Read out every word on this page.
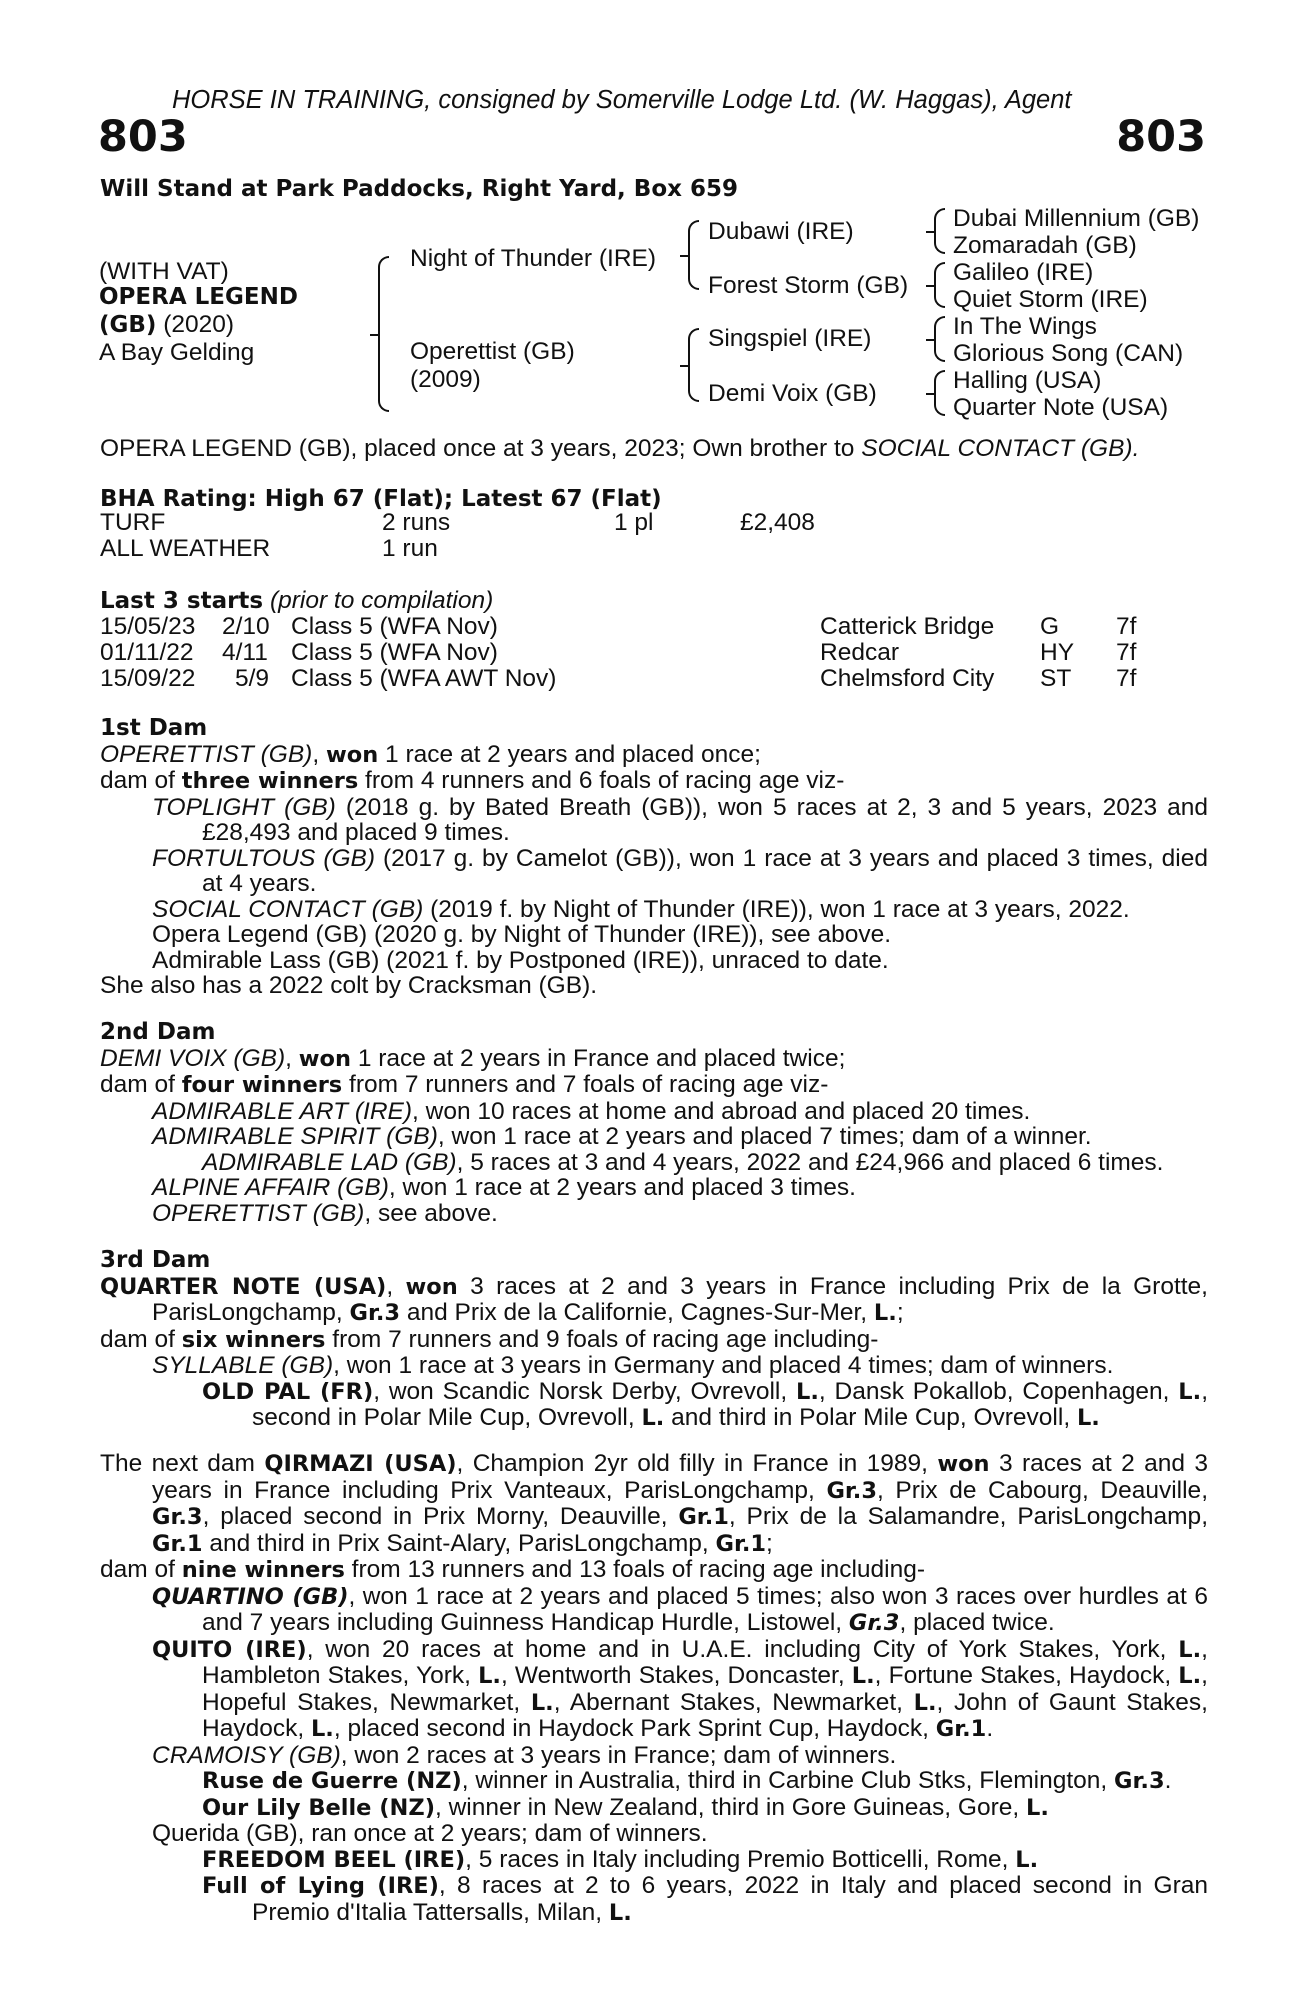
HORSE IN TRAINING, consigned by Somerville Lodge Ltd. (W. Haggas), Agent
803	803
Will Stand at Park Paddocks, Right Yard, Box 659
(WITH VAT)
OPERA LEGEND
(GB) (2020)
A Bay Gelding
Night of Thunder (IRE)
Operettist (GB)
(2009)
Dubawi (IRE)
Forest Storm (GB)
Singspiel (IRE)
Demi Voix (GB)
Dubai Millennium (GB)
Zomaradah (GB)
Galileo (IRE)
Quiet Storm (IRE)
In The Wings
Glorious Song (CAN)
Halling (USA)
Quarter Note (USA)
OPERA LEGEND (GB), placed once at 3 years, 2023; Own brother to SOCIAL CONTACT (GB).
BHA Rating: High 67 (Flat); Latest 67 (Flat)
TURF	2 runs	1 pl	£2,408
ALL WEATHER	1 run
Last 3 starts (prior to compilation)
15/05/23 2/10 Class 5 (WFA Nov)	Catterick Bridge G 7f
01/11/22 4/11 Class 5 (WFA Nov)	Redcar	HY 7f
15/09/22 5/9 Class 5 (WFA AWT Nov)	Chelmsford City ST 7f

1st Dam

OPERETTIST (GB), won 1 race at 2 years and placed once;

dam of three winners from 4 runners and 6 foals of racing age viz-

TOPLIGHT (GB) (2018 g. by Bated Breath (GB)), won 5 races at 2, 3 and 5 years, 2023 and £28,493 and placed 9 times.

FORTULTOUS (GB) (2017 g. by Camelot (GB)), won 1 race at 3 years and placed 3 times, died at 4 years.

SOCIAL CONTACT (GB) (2019 f. by Night of Thunder (IRE)), won 1 race at 3 years, 2022.

Opera Legend (GB) (2020 g. by Night of Thunder (IRE)), see above.

Admirable Lass (GB) (2021 f. by Postponed (IRE)), unraced to date.

She also has a 2022 colt by Cracksman (GB).

2nd Dam

DEMI VOIX (GB), won 1 race at 2 years in France and placed twice;

dam of four winners from 7 runners and 7 foals of racing age viz-

ADMIRABLE ART (IRE), won 10 races at home and abroad and placed 20 times.

ADMIRABLE SPIRIT (GB), won 1 race at 2 years and placed 7 times; dam of a winner.

ADMIRABLE LAD (GB), 5 races at 3 and 4 years, 2022 and £24,966 and placed 6 times.

ALPINE AFFAIR (GB), won 1 race at 2 years and placed 3 times.

OPERETTIST (GB), see above.

3rd Dam

QUARTER NOTE (USA), won 3 races at 2 and 3 years in France including Prix de la Grotte, ParisLongchamp, Gr.3 and Prix de la Californie, Cagnes-Sur-Mer, L.;

dam of six winners from 7 runners and 9 foals of racing age including-

SYLLABLE (GB), won 1 race at 3 years in Germany and placed 4 times; dam of winners.

OLD PAL (FR), won Scandic Norsk Derby, Ovrevoll, L., Dansk Pokallob, Copenhagen, L., second in Polar Mile Cup, Ovrevoll, L. and third in Polar Mile Cup, Ovrevoll, L.

The next dam QIRMAZI (USA), Champion 2yr old filly in France in 1989, won 3 races at 2 and 3 years in France including Prix Vanteaux, ParisLongchamp, Gr.3, Prix de Cabourg, Deauville, Gr.3, placed second in Prix Morny, Deauville, Gr.1, Prix de la Salamandre, ParisLongchamp, Gr.1 and third in Prix Saint-Alary, ParisLongchamp, Gr.1;

dam of nine winners from 13 runners and 13 foals of racing age including-

QUARTINO (GB), won 1 race at 2 years and placed 5 times; also won 3 races over hurdles at 6 and 7 years including Guinness Handicap Hurdle, Listowel, Gr.3, placed twice.

QUITO (IRE), won 20 races at home and in U.A.E. including City of York Stakes, York, L., Hambleton Stakes, York, L., Wentworth Stakes, Doncaster, L., Fortune Stakes, Haydock, L., Hopeful Stakes, Newmarket, L., Abernant Stakes, Newmarket, L., John of Gaunt Stakes, Haydock, L., placed second in Haydock Park Sprint Cup, Haydock, Gr.1.

CRAMOISY (GB), won 2 races at 3 years in France; dam of winners.

Ruse de Guerre (NZ), winner in Australia, third in Carbine Club Stks, Flemington, Gr.3.

Our Lily Belle (NZ), winner in New Zealand, third in Gore Guineas, Gore, L.

Querida (GB), ran once at 2 years; dam of winners.

FREEDOM BEEL (IRE), 5 races in Italy including Premio Botticelli, Rome, L.

Full of Lying (IRE), 8 races at 2 to 6 years, 2022 in Italy and placed second in Gran Premio d'Italia Tattersalls, Milan, L.
